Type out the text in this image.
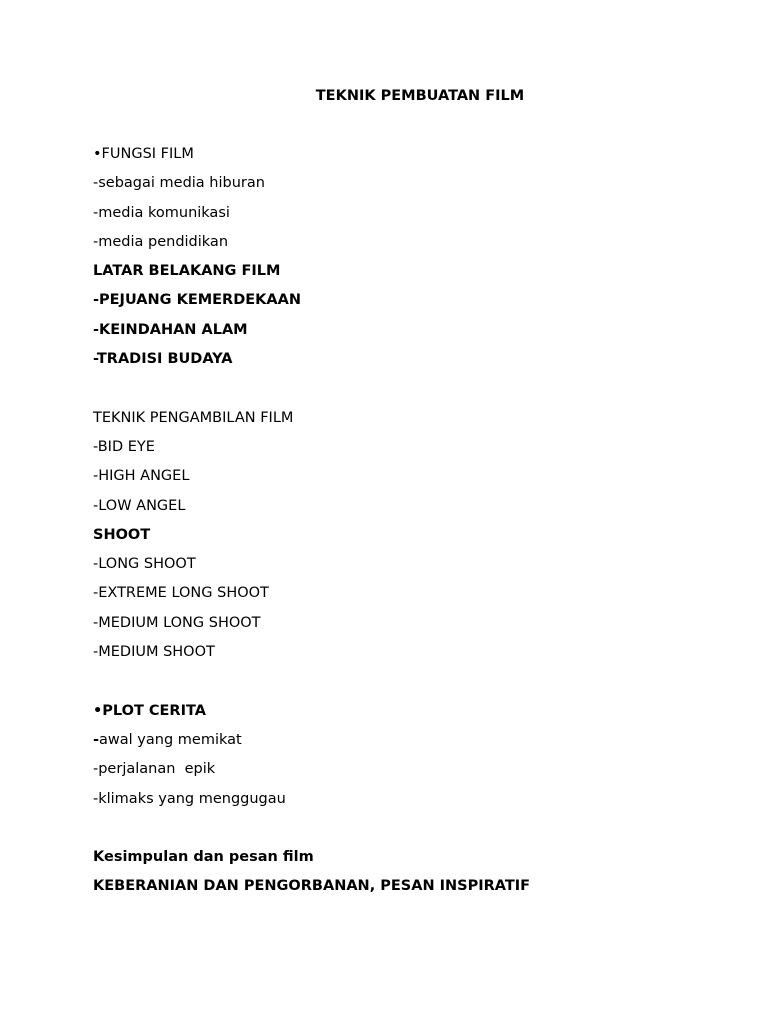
TEKNIK PEMBUATAN FILM
•FUNGSI FILM
-sebagai media hiburan
-media komunikasi
-media pendidikan
LATAR BELAKANG FILM
-PEJUANG KEMERDEKAAN
-KEINDAHAN ALAM
-TRADISI BUDAYA
TEKNIK PENGAMBILAN FILM
-BID EYE
-HIGH ANGEL
-LOW ANGEL
SHOOT
-LONG SHOOT
-EXTREME LONG SHOOT
-MEDIUM LONG SHOOT
-MEDIUM SHOOT
•PLOT CERITA
-awal yang memikat
-perjalanan  epik
-klimaks yang menggugau
Kesimpulan dan pesan film
KEBERANIAN DAN PENGORBANAN, PESAN INSPIRATIF
